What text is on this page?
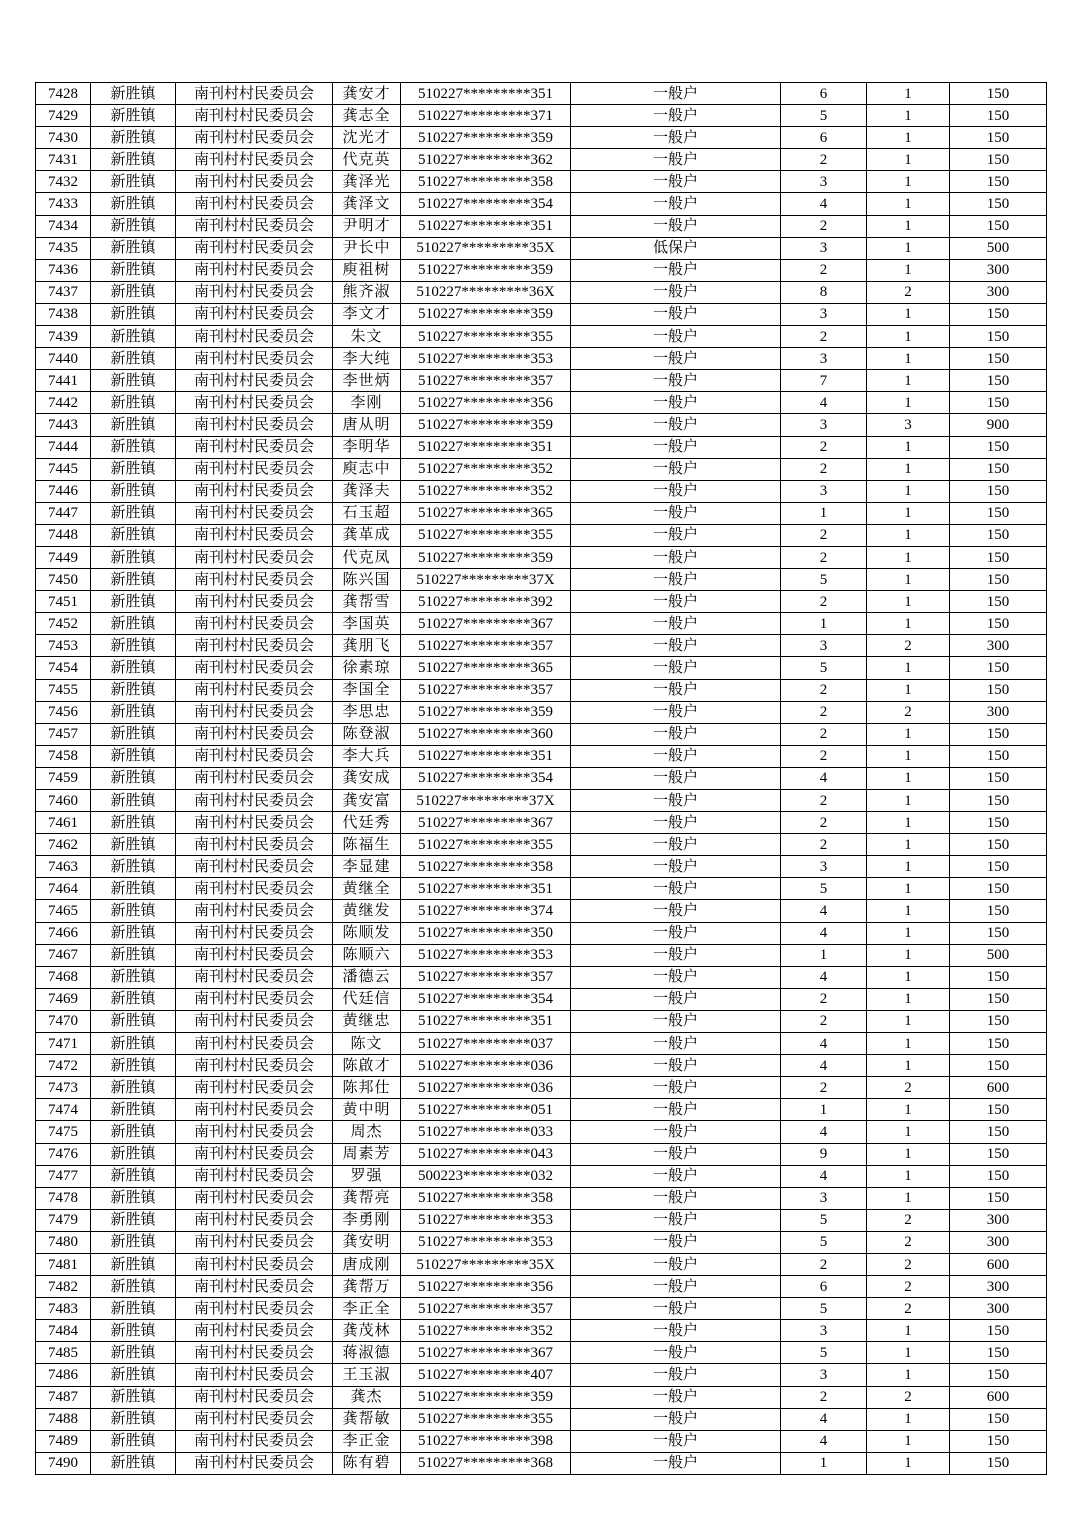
7428	新胜镇	南刊村村民委员会	龚安才	510227*********351	一般户	6	1	150
7429	新胜镇	南刊村村民委员会	龚志全	510227*********371	一般户	5	1	150
7430	新胜镇	南刊村村民委员会	沈光才	510227*********359	一般户	6	1	150
7431	新胜镇	南刊村村民委员会	代克英	510227*********362	一般户	2	1	150
7432	新胜镇	南刊村村民委员会	龚泽光	510227*********358	一般户	3	1	150
7433	新胜镇	南刊村村民委员会	龚泽文	510227*********354	一般户	4	1	150
7434	新胜镇	南刊村村民委员会	尹明才	510227*********351	一般户	2	1	150
7435	新胜镇	南刊村村民委员会	尹长中	510227*********35X	低保户	3	1	500
7436	新胜镇	南刊村村民委员会	庾祖树	510227*********359	一般户	2	1	300
7437	新胜镇	南刊村村民委员会	熊齐淑	510227*********36X	一般户	8	2	300
7438	新胜镇	南刊村村民委员会	李文才	510227*********359	一般户	3	1	150
7439	新胜镇	南刊村村民委员会	朱文	510227*********355	一般户	2	1	150
7440	新胜镇	南刊村村民委员会	李大纯	510227*********353	一般户	3	1	150
7441	新胜镇	南刊村村民委员会	李世炳	510227*********357	一般户	7	1	150
7442	新胜镇	南刊村村民委员会	李刚	510227*********356	一般户	4	1	150
7443	新胜镇	南刊村村民委员会	唐从明	510227*********359	一般户	3	3	900
7444	新胜镇	南刊村村民委员会	李明华	510227*********351	一般户	2	1	150
7445	新胜镇	南刊村村民委员会	庾志中	510227*********352	一般户	2	1	150
7446	新胜镇	南刊村村民委员会	龚泽夫	510227*********352	一般户	3	1	150
7447	新胜镇	南刊村村民委员会	石玉超	510227*********365	一般户	1	1	150
7448	新胜镇	南刊村村民委员会	龚革成	510227*********355	一般户	2	1	150
7449	新胜镇	南刊村村民委员会	代克凤	510227*********359	一般户	2	1	150
7450	新胜镇	南刊村村民委员会	陈兴国	510227*********37X	一般户	5	1	150
7451	新胜镇	南刊村村民委员会	龚帮雪	510227*********392	一般户	2	1	150
7452	新胜镇	南刊村村民委员会	李国英	510227*********367	一般户	1	1	150
7453	新胜镇	南刊村村民委员会	龚朋飞	510227*********357	一般户	3	2	300
7454	新胜镇	南刊村村民委员会	徐素琼	510227*********365	一般户	5	1	150
7455	新胜镇	南刊村村民委员会	李国全	510227*********357	一般户	2	1	150
7456	新胜镇	南刊村村民委员会	李思忠	510227*********359	一般户	2	2	300
7457	新胜镇	南刊村村民委员会	陈登淑	510227*********360	一般户	2	1	150
7458	新胜镇	南刊村村民委员会	李大兵	510227*********351	一般户	2	1	150
7459	新胜镇	南刊村村民委员会	龚安成	510227*********354	一般户	4	1	150
7460	新胜镇	南刊村村民委员会	龚安富	510227*********37X	一般户	2	1	150
7461	新胜镇	南刊村村民委员会	代廷秀	510227*********367	一般户	2	1	150
7462	新胜镇	南刊村村民委员会	陈福生	510227*********355	一般户	2	1	150
7463	新胜镇	南刊村村民委员会	李显建	510227*********358	一般户	3	1	150
7464	新胜镇	南刊村村民委员会	黄继全	510227*********351	一般户	5	1	150
7465	新胜镇	南刊村村民委员会	黄继发	510227*********374	一般户	4	1	150
7466	新胜镇	南刊村村民委员会	陈顺发	510227*********350	一般户	4	1	150
7467	新胜镇	南刊村村民委员会	陈顺六	510227*********353	一般户	1	1	500
7468	新胜镇	南刊村村民委员会	潘德云	510227*********357	一般户	4	1	150
7469	新胜镇	南刊村村民委员会	代廷信	510227*********354	一般户	2	1	150
7470	新胜镇	南刊村村民委员会	黄继忠	510227*********351	一般户	2	1	150
7471	新胜镇	南刊村村民委员会	陈文	510227*********037	一般户	4	1	150
7472	新胜镇	南刊村村民委员会	陈啟才	510227*********036	一般户	4	1	150
7473	新胜镇	南刊村村民委员会	陈邦仕	510227*********036	一般户	2	2	600
7474	新胜镇	南刊村村民委员会	黄中明	510227*********051	一般户	1	1	150
7475	新胜镇	南刊村村民委员会	周杰	510227*********033	一般户	4	1	150
7476	新胜镇	南刊村村民委员会	周素芳	510227*********043	一般户	9	1	150
7477	新胜镇	南刊村村民委员会	罗强	500223*********032	一般户	4	1	150
7478	新胜镇	南刊村村民委员会	龚帮亮	510227*********358	一般户	3	1	150
7479	新胜镇	南刊村村民委员会	李勇刚	510227*********353	一般户	5	2	300
7480	新胜镇	南刊村村民委员会	龚安明	510227*********353	一般户	5	2	300
7481	新胜镇	南刊村村民委员会	唐成刚	510227*********35X	一般户	2	2	600
7482	新胜镇	南刊村村民委员会	龚帮万	510227*********356	一般户	6	2	300
7483	新胜镇	南刊村村民委员会	李正全	510227*********357	一般户	5	2	300
7484	新胜镇	南刊村村民委员会	龚茂林	510227*********352	一般户	3	1	150
7485	新胜镇	南刊村村民委员会	蒋淑德	510227*********367	一般户	5	1	150
7486	新胜镇	南刊村村民委员会	王玉淑	510227*********407	一般户	3	1	150
7487	新胜镇	南刊村村民委员会	龚杰	510227*********359	一般户	2	2	600
7488	新胜镇	南刊村村民委员会	龚帮敏	510227*********355	一般户	4	1	150
7489	新胜镇	南刊村村民委员会	李正金	510227*********398	一般户	4	1	150
7490	新胜镇	南刊村村民委员会	陈有碧	510227*********368	一般户	1	1	150
